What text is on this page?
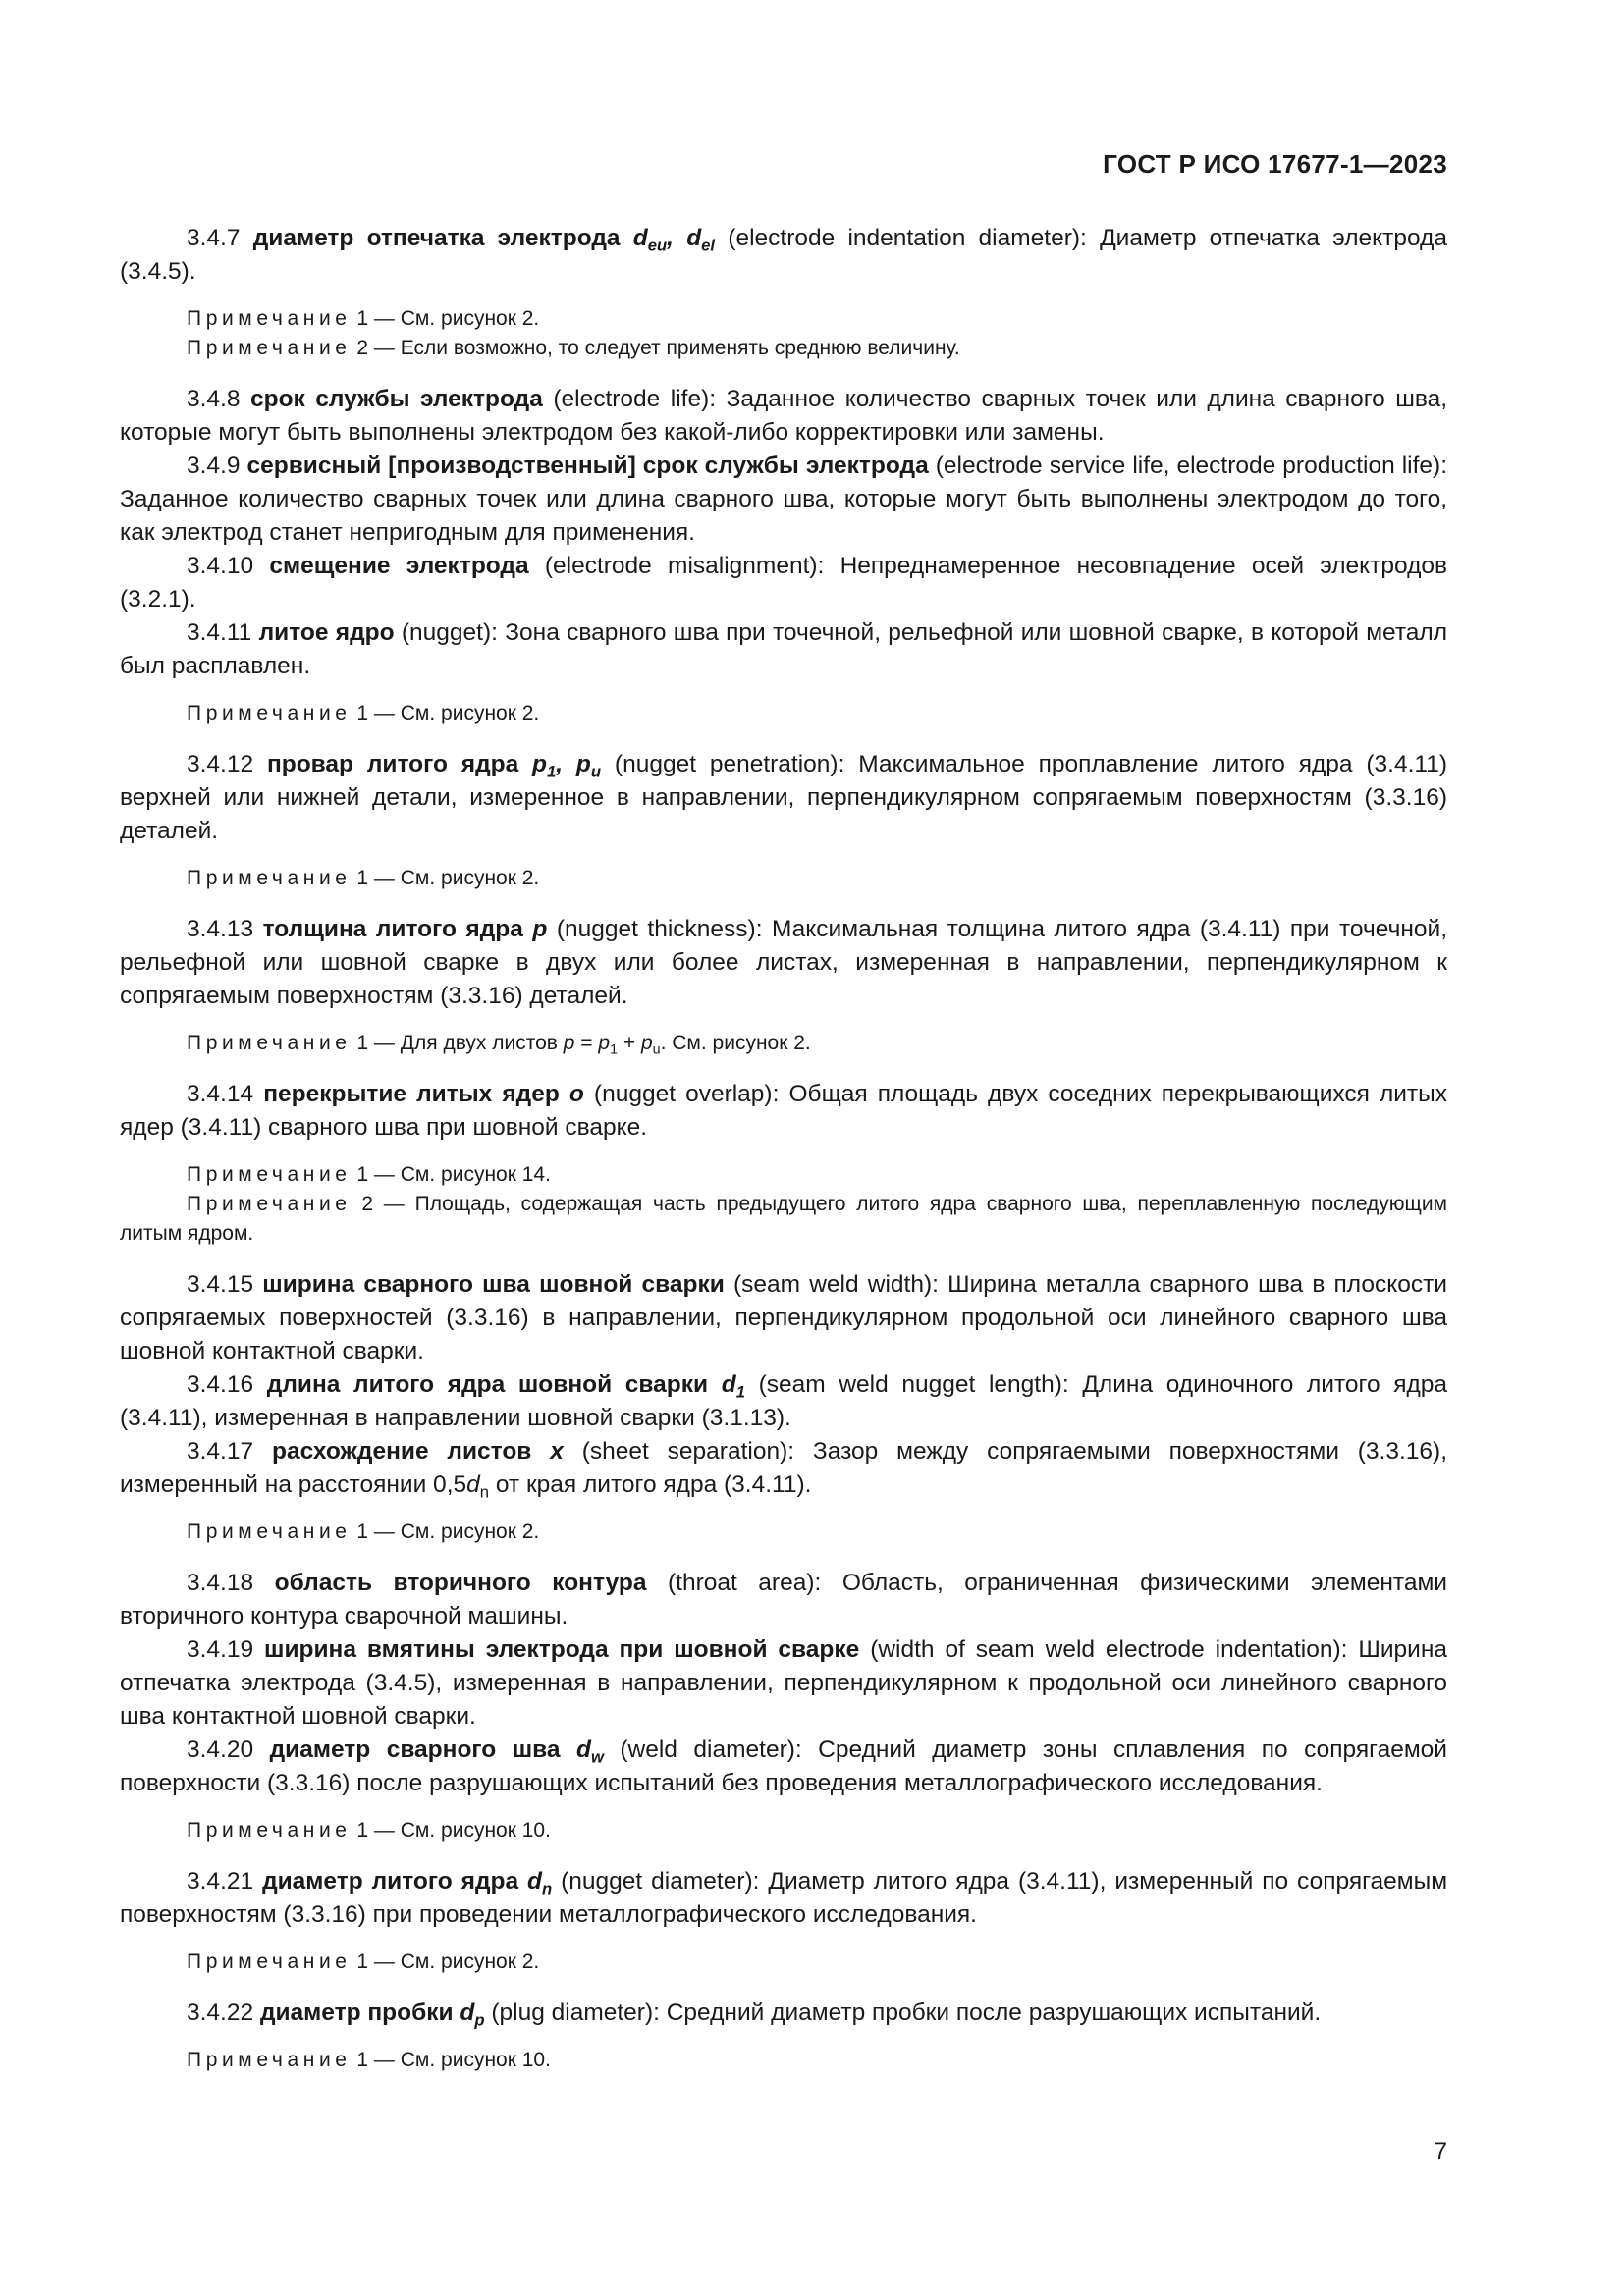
ГОСТ Р ИСО 17677-1—2023

3.4.7 диаметр отпечатка электрода $d_{eu}$, $d_{el}$ (electrode indentation diameter): Диаметр отпечатка электрода (3.4.5).

Примечание 1 — См. рисунок 2.

Примечание 2 — Если возможно, то следует применять среднюю величину.

3.4.8 срок службы электрода (electrode life): Заданное количество сварных точек или длина сварного шва, которые могут быть выполнены электродом без какой-либо корректировки или замены.

3.4.9 сервисный [производственный] срок службы электрода (electrode service life, electrode production life): Заданное количество сварных точек или длина сварного шва, которые могут быть выполнены электродом до того, как электрод станет непригодным для применения.

3.4.10 смещение электрода (electrode misalignment): Непреднамеренное несовпадение осей электродов (3.2.1).

3.4.11 литое ядро (nugget): Зона сварного шва при точечной, рельефной или шовной сварке, в которой металл был расплавлен.

Примечание 1 — См. рисунок 2.

3.4.12 провар литого ядра $p_1$, $p_u$ (nugget penetration): Максимальное проплавление литого ядра (3.4.11) верхней или нижней детали, измеренное в направлении, перпендикулярном сопрягаемым поверхностям (3.3.16) деталей.

Примечание 1 — См. рисунок 2.

3.4.13 толщина литого ядра p (nugget thickness): Максимальная толщина литого ядра (3.4.11) при точечной, рельефной или шовной сварке в двух или более листах, измеренная в направлении, перпендикулярном к сопрягаемым поверхностям (3.3.16) деталей.

Примечание 1 — Для двух листов $p = p_1 + p_u$. См. рисунок 2.

3.4.14 перекрытие литых ядер o (nugget overlap): Общая площадь двух соседних перекрывающихся литых ядер (3.4.11) сварного шва при шовной сварке.

Примечание 1 — См. рисунок 14.

Примечание 2 — Площадь, содержащая часть предыдущего литого ядра сварного шва, переплавленную последующим литым ядром.

3.4.15 ширина сварного шва шовной сварки (seam weld width): Ширина металла сварного шва в плоскости сопрягаемых поверхностей (3.3.16) в направлении, перпендикулярном продольной оси линейного сварного шва шовной контактной сварки.

3.4.16 длина литого ядра шовной сварки $d_1$ (seam weld nugget length): Длина одиночного литого ядра (3.4.11), измеренная в направлении шовной сварки (3.1.13).

3.4.17 расхождение листов x (sheet separation): Зазор между сопрягаемыми поверхностями (3.3.16), измеренный на расстоянии $0,5d_n$ от края литого ядра (3.4.11).

Примечание 1 — См. рисунок 2.

3.4.18 область вторичного контура (throat area): Область, ограниченная физическими элементами вторичного контура сварочной машины.

3.4.19 ширина вмятины электрода при шовной сварке (width of seam weld electrode indentation): Ширина отпечатка электрода (3.4.5), измеренная в направлении, перпендикулярном к продольной оси линейного сварного шва контактной шовной сварки.

3.4.20 диаметр сварного шва $d_w$ (weld diameter): Средний диаметр зоны сплавления по сопрягаемой поверхности (3.3.16) после разрушающих испытаний без проведения металлографического исследования.

Примечание 1 — См. рисунок 10.

3.4.21 диаметр литого ядра $d_n$ (nugget diameter): Диаметр литого ядра (3.4.11), измеренный по сопрягаемым поверхностям (3.3.16) при проведении металлографического исследования.

Примечание 1 — См. рисунок 2.

3.4.22 диаметр пробки $d_p$ (plug diameter): Средний диаметр пробки после разрушающих испытаний.

Примечание 1 — См. рисунок 10.

7
